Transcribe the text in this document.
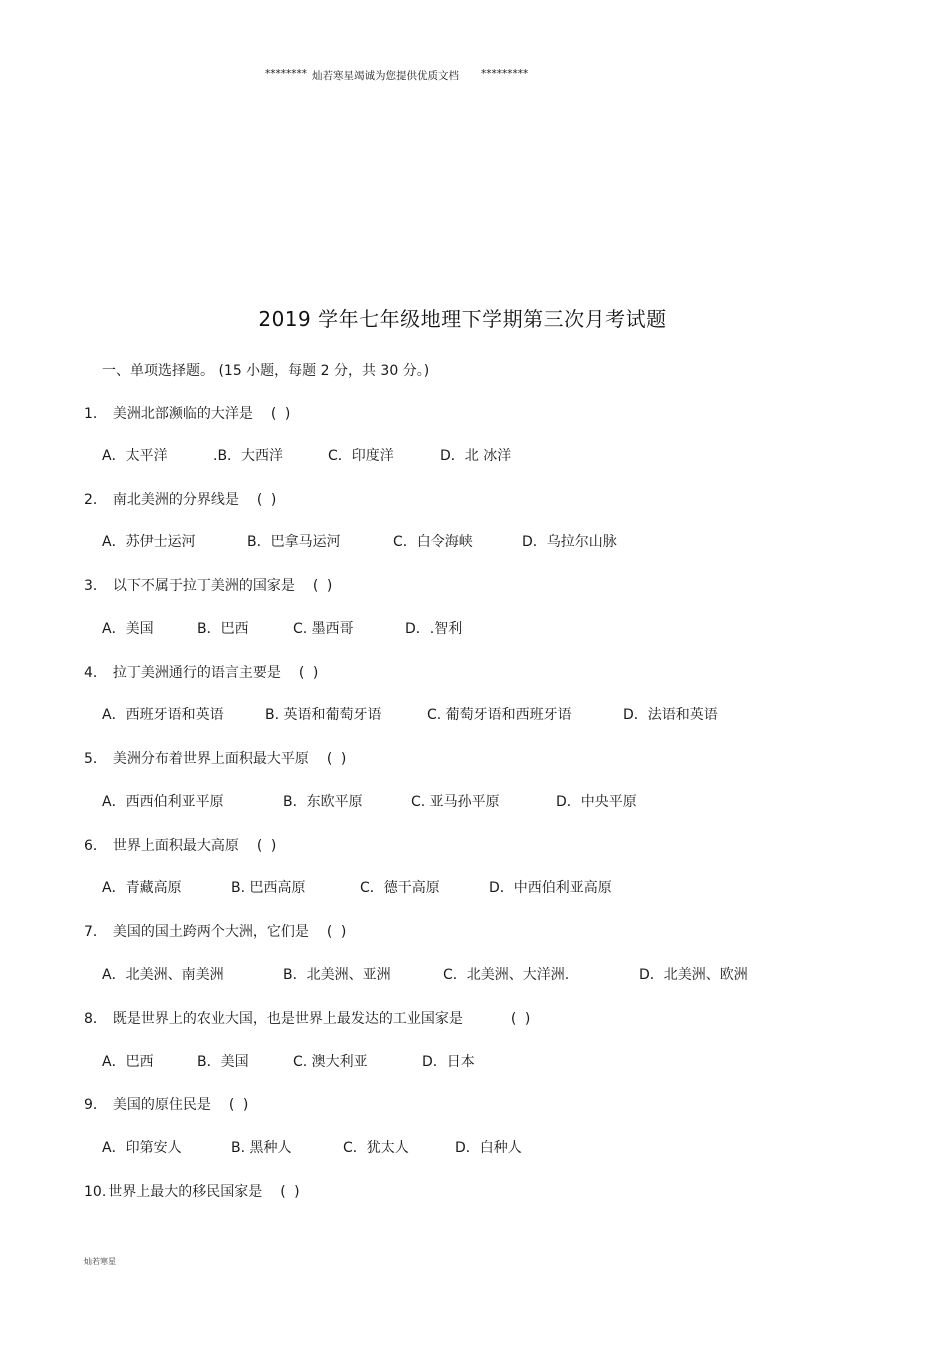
******** 灿若寒星竭诚为您提供优质文档 *********
2019 学年七年级地理下学期第三次月考试题
一、单项选择题。 (15 小题，每题 2 分，共 30 分。)
1． 美洲北部濒临的大洋是 ( )
A．太平洋	.B．大西洋	C．印度洋	D．北 冰洋
2． 南北美洲的分界线是 ( )
A．苏伊士运河	B．巴拿马运河	C．白令海峡	D．乌拉尔山脉
3． 以下不属于拉丁美洲的国家是 ( )
A．美国	B．巴西	C. 墨西哥	D．.智利
4． 拉丁美洲通行的语言主要是 ( )
A．西班牙语和英语	B. 英语和葡萄牙语	C. 葡萄牙语和西班牙语	D．法语和英语
5． 美洲分布着世界上面积最大平原 ( )
A．西西伯利亚平原	B．东欧平原	C. 亚马孙平原	D．中央平原
6． 世界上面积最大高原 ( )
A．青藏高原	B. 巴西高原	C．德干高原	D．中西伯利亚高原
7． 美国的国土跨两个大洲，它们是 ( )
A．北美洲、南美洲	B．北美洲、亚洲	C．北美洲、大洋洲.	D．北美洲、欧洲
8． 既是世界上的农业大国，也是世界上最发达的工业国家是	( )
A．巴西	B．美国	C. 澳大利亚	D．日本
9． 美国的原住民是 ( )
A．印第安人	B. 黑种人	C．犹太人	D．白种人
10. 世界上最大的移民国家是 ( )
灿若寒星
